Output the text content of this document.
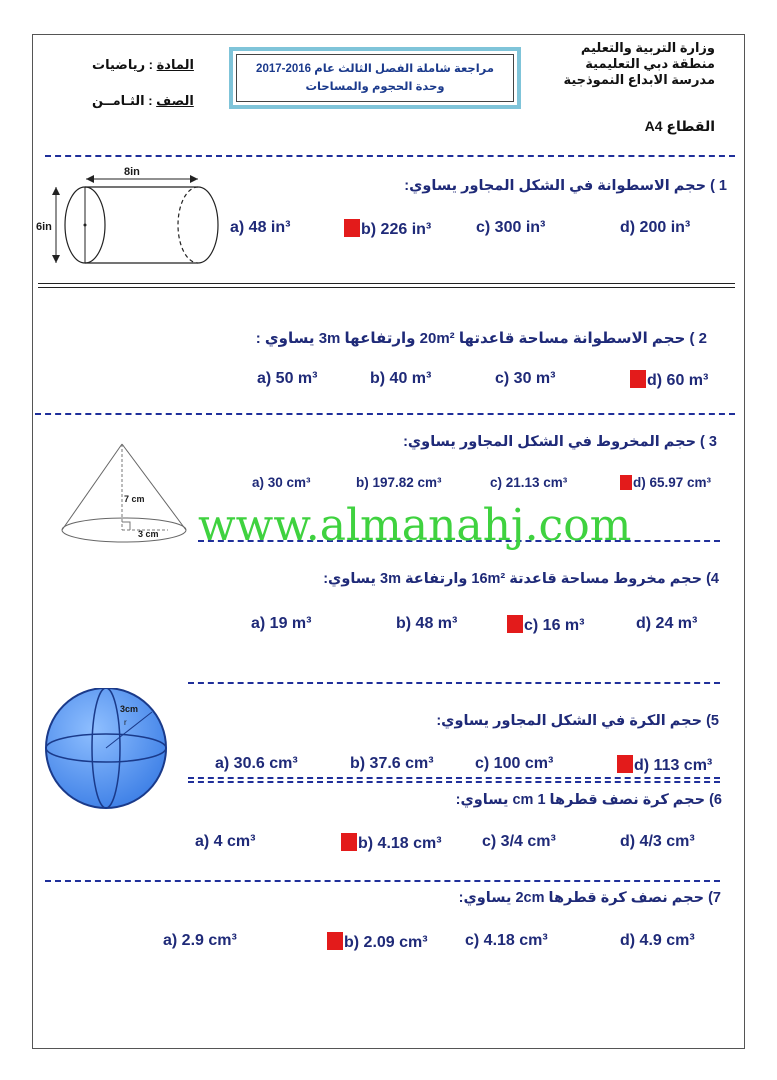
وزارة التربية والتعليم
منطقة دبي التعليمية
مدرسة الابداع النموذجية
القطاع A4
المادة : رياضيات
الصف : الثـامــن
مراجعة شاملة الفصل الثالث عام 2016-2017
وحدة الحجوم والمساحات
8in
6in
7 cm
3 cm
3cm
r
www.almanahj.com
1 ) حجم الاسطوانة في الشكل المجاور يساوي:
a) 48 in³	b) 226 in³	c) 300 in³	d) 200 in³
2 ) حجم الاسطوانة مساحة قاعدتها 20m² وارتفاعها 3m يساوي :
a) 50 m³	b) 40 m³	c) 30 m³	d) 60 m³
3 ) حجم المخروط في الشكل المجاور يساوي:
a) 30 cm³	b) 197.82 cm³	c) 21.13 cm³	d) 65.97 cm³
4) حجم مخروط مساحة قاعدتة 16m² وارتفاعة 3m يساوي:
a) 19 m³	b) 48 m³	c) 16 m³	d) 24 m³
5) حجم الكرة في الشكل المجاور يساوي:
a) 30.6 cm³	b) 37.6 cm³	c) 100 cm³	d) 113 cm³
6) حجم كرة نصف قطرها 1 cm يساوي:
a) 4 cm³	b) 4.18 cm³	c) 3/4 cm³	d) 4/3 cm³
7) حجم نصف كرة قطرها 2cm يساوي:
a) 2.9 cm³	b) 2.09 cm³ c) 4.18 cm³	d) 4.9 cm³
